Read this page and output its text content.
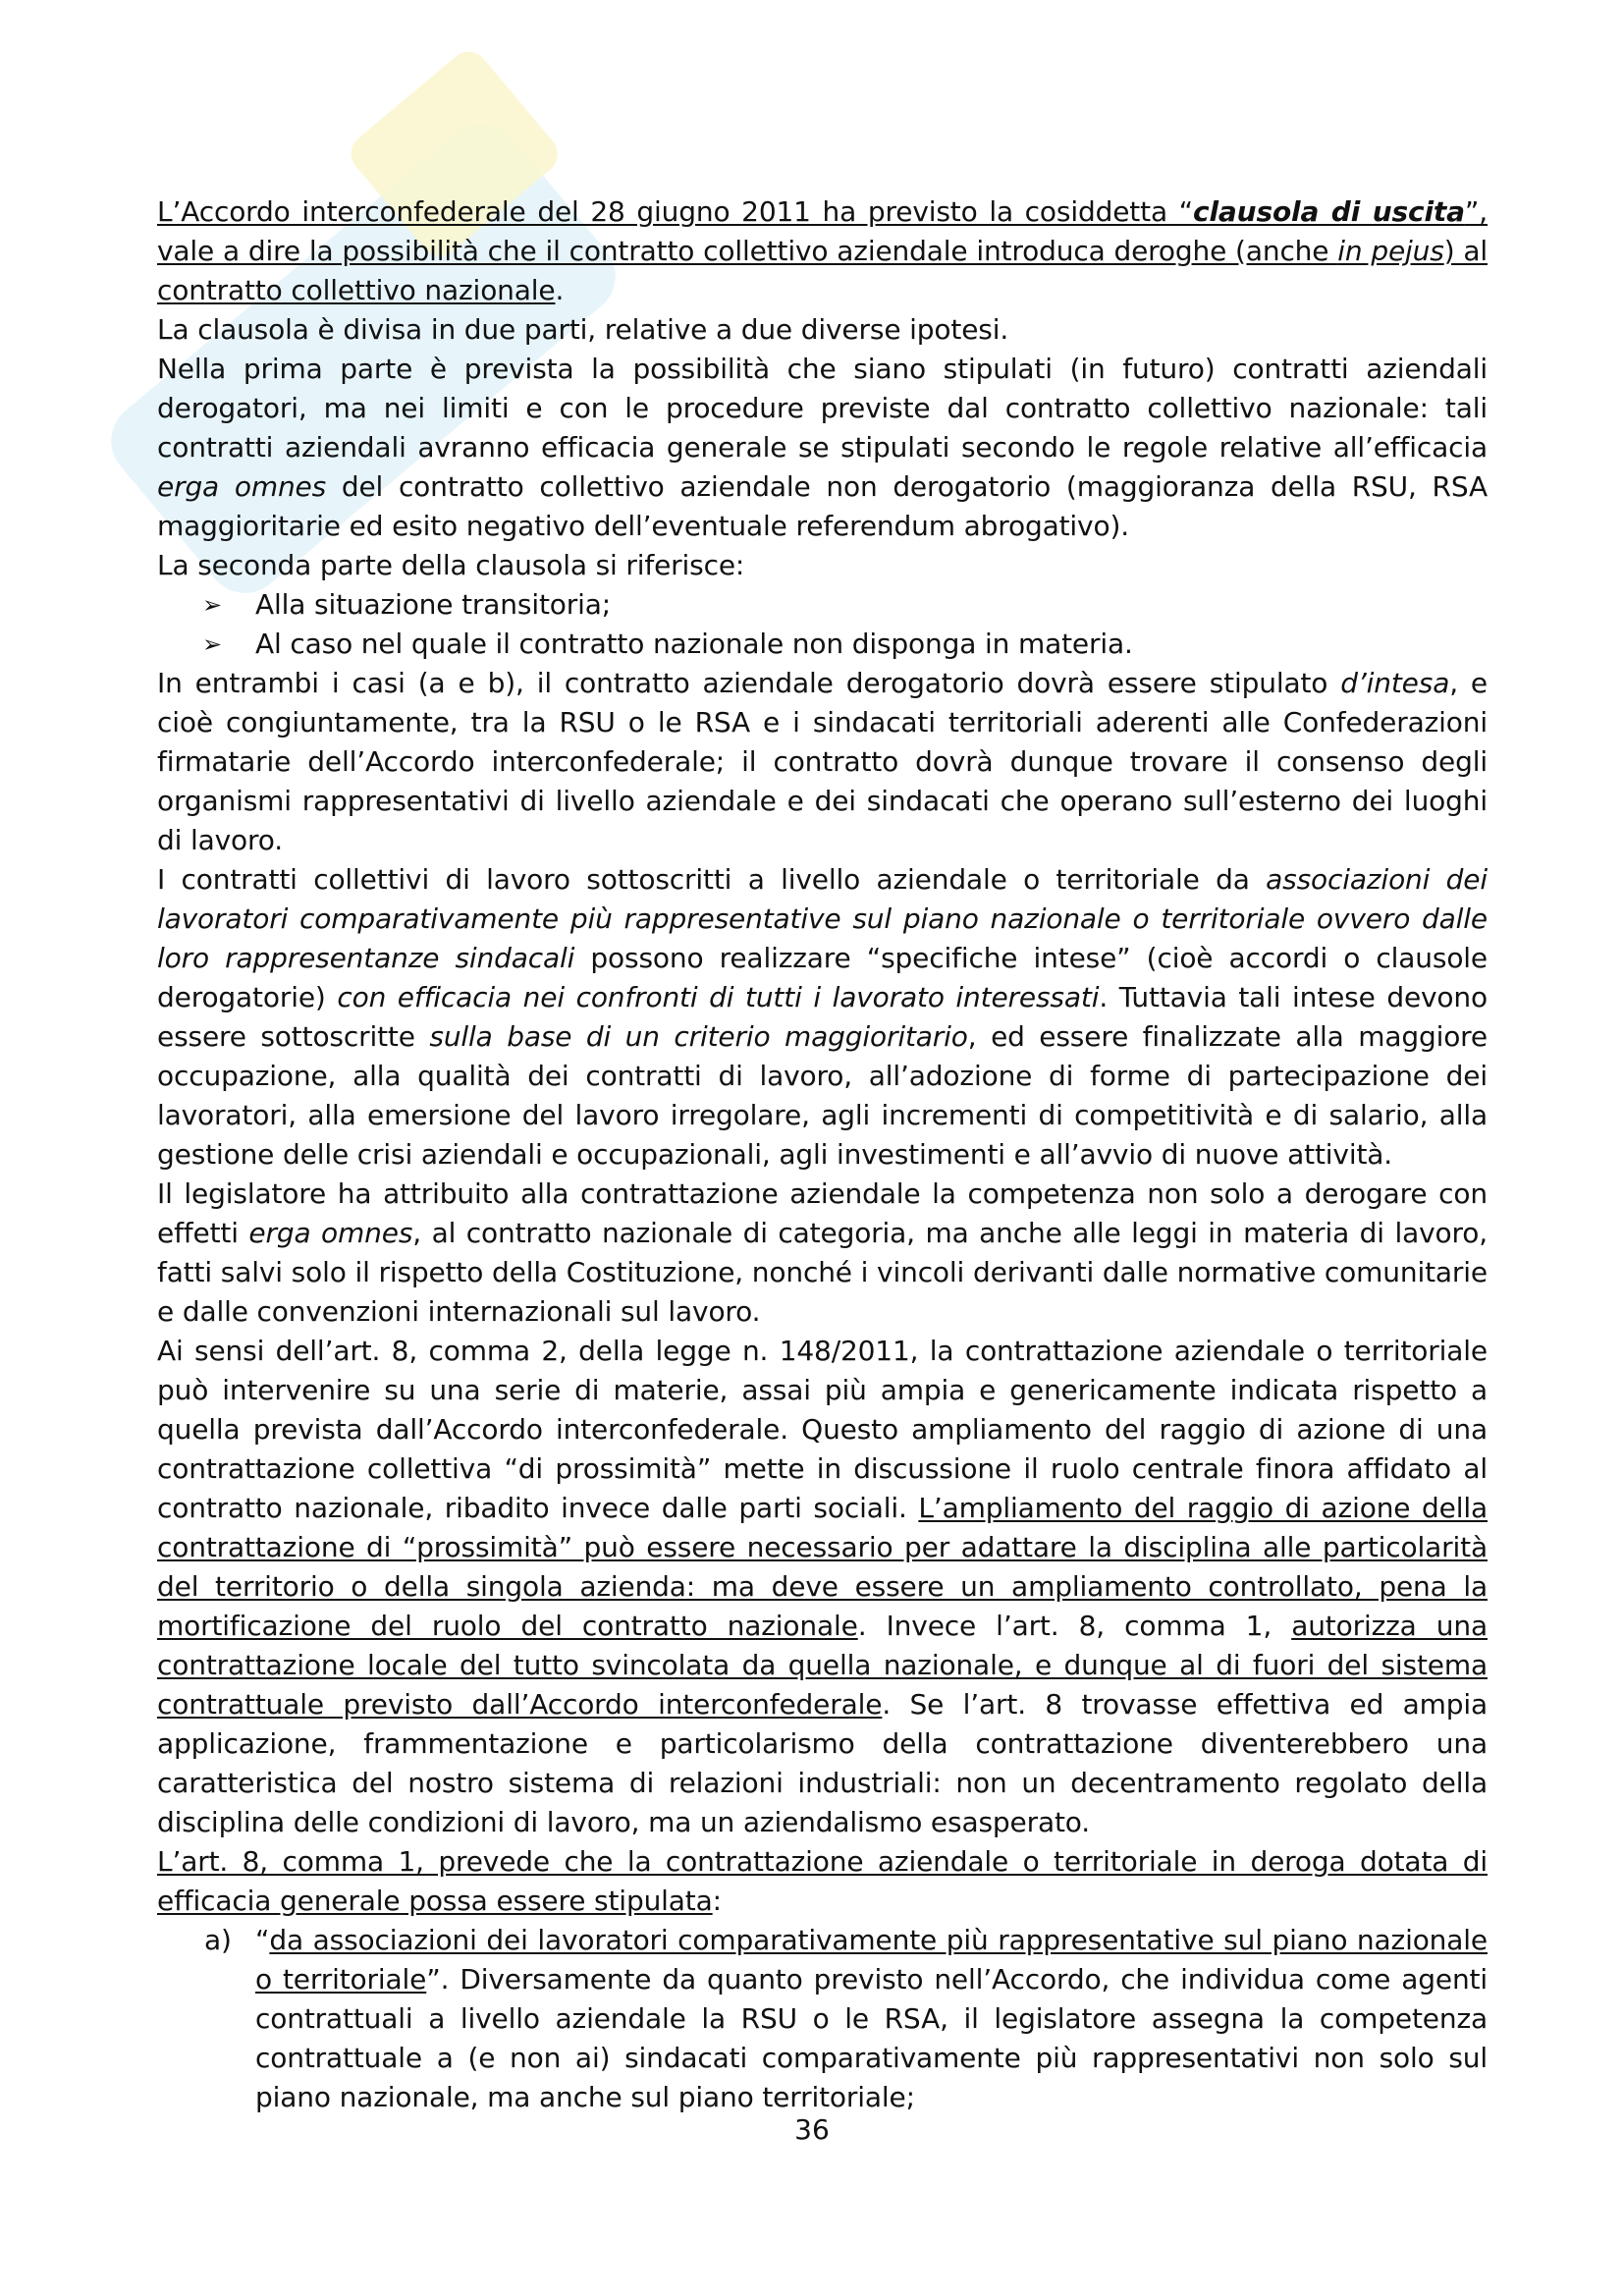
L’Accordo interconfederale del 28 giugno 2011 ha previsto la cosiddetta “clausola di uscita”, vale a dire la possibilità che il contratto collettivo aziendale introduca deroghe (anche in pejus) al contratto collettivo nazionale.

La clausola è divisa in due parti, relative a due diverse ipotesi.

Nella prima parte è prevista la possibilità che siano stipulati (in futuro) contratti aziendali derogatori, ma nei limiti e con le procedure previste dal contratto collettivo nazionale: tali contratti aziendali avranno efficacia generale se stipulati secondo le regole relative all’efficacia erga omnes del contratto collettivo aziendale non derogatorio (maggioranza della RSU, RSA maggioritarie ed esito negativo dell’eventuale referendum abrogativo).

La seconda parte della clausola si riferisce:

➢ Alla situazione transitoria;
➢ Al caso nel quale il contratto nazionale non disponga in materia.

In entrambi i casi (a e b), il contratto aziendale derogatorio dovrà essere stipulato d’intesa, e cioè congiuntamente, tra la RSU o le RSA e i sindacati territoriali aderenti alle Confederazioni firmatarie dell’Accordo interconfederale; il contratto dovrà dunque trovare il consenso degli organismi rappresentativi di livello aziendale e dei sindacati che operano sull’esterno dei luoghi di lavoro.

I contratti collettivi di lavoro sottoscritti a livello aziendale o territoriale da associazioni dei lavoratori comparativamente più rappresentative sul piano nazionale o territoriale ovvero dalle loro rappresentanze sindacali possono realizzare “specifiche intese” (cioè accordi o clausole derogatorie) con efficacia nei confronti di tutti i lavorato interessati. Tuttavia tali intese devono essere sottoscritte sulla base di un criterio maggioritario, ed essere finalizzate alla maggiore occupazione, alla qualità dei contratti di lavoro, all’adozione di forme di partecipazione dei lavoratori, alla emersione del lavoro irregolare, agli incrementi di competitività e di salario, alla gestione delle crisi aziendali e occupazionali, agli investimenti e all’avvio di nuove attività.

Il legislatore ha attribuito alla contrattazione aziendale la competenza non solo a derogare con effetti erga omnes, al contratto nazionale di categoria, ma anche alle leggi in materia di lavoro, fatti salvi solo il rispetto della Costituzione, nonché i vincoli derivanti dalle normative comunitarie e dalle convenzioni internazionali sul lavoro.

Ai sensi dell’art. 8, comma 2, della legge n. 148/2011, la contrattazione aziendale o territoriale può intervenire su una serie di materie, assai più ampia e genericamente indicata rispetto a quella prevista dall’Accordo interconfederale. Questo ampliamento del raggio di azione di una contrattazione collettiva “di prossimità” mette in discussione il ruolo centrale finora affidato al contratto nazionale, ribadito invece dalle parti sociali. L’ampliamento del raggio di azione della contrattazione di “prossimità” può essere necessario per adattare la disciplina alle particolarità del territorio o della singola azienda: ma deve essere un ampliamento controllato, pena la mortificazione del ruolo del contratto nazionale. Invece l’art. 8, comma 1, autorizza una contrattazione locale del tutto svincolata da quella nazionale, e dunque al di fuori del sistema contrattuale previsto dall’Accordo interconfederale. Se l’art. 8 trovasse effettiva ed ampia applicazione, frammentazione e particolarismo della contrattazione diventerebbero una caratteristica del nostro sistema di relazioni industriali: non un decentramento regolato della disciplina delle condizioni di lavoro, ma un aziendalismo esasperato.

L’art. 8, comma 1, prevede che la contrattazione aziendale o territoriale in deroga dotata di efficacia generale possa essere stipulata:

a) “da associazioni dei lavoratori comparativamente più rappresentative sul piano nazionale o territoriale”. Diversamente da quanto previsto nell’Accordo, che individua come agenti contrattuali a livello aziendale la RSU o le RSA, il legislatore assegna la competenza contrattuale a (e non ai) sindacati comparativamente più rappresentativi non solo sul piano nazionale, ma anche sul piano territoriale;
36
